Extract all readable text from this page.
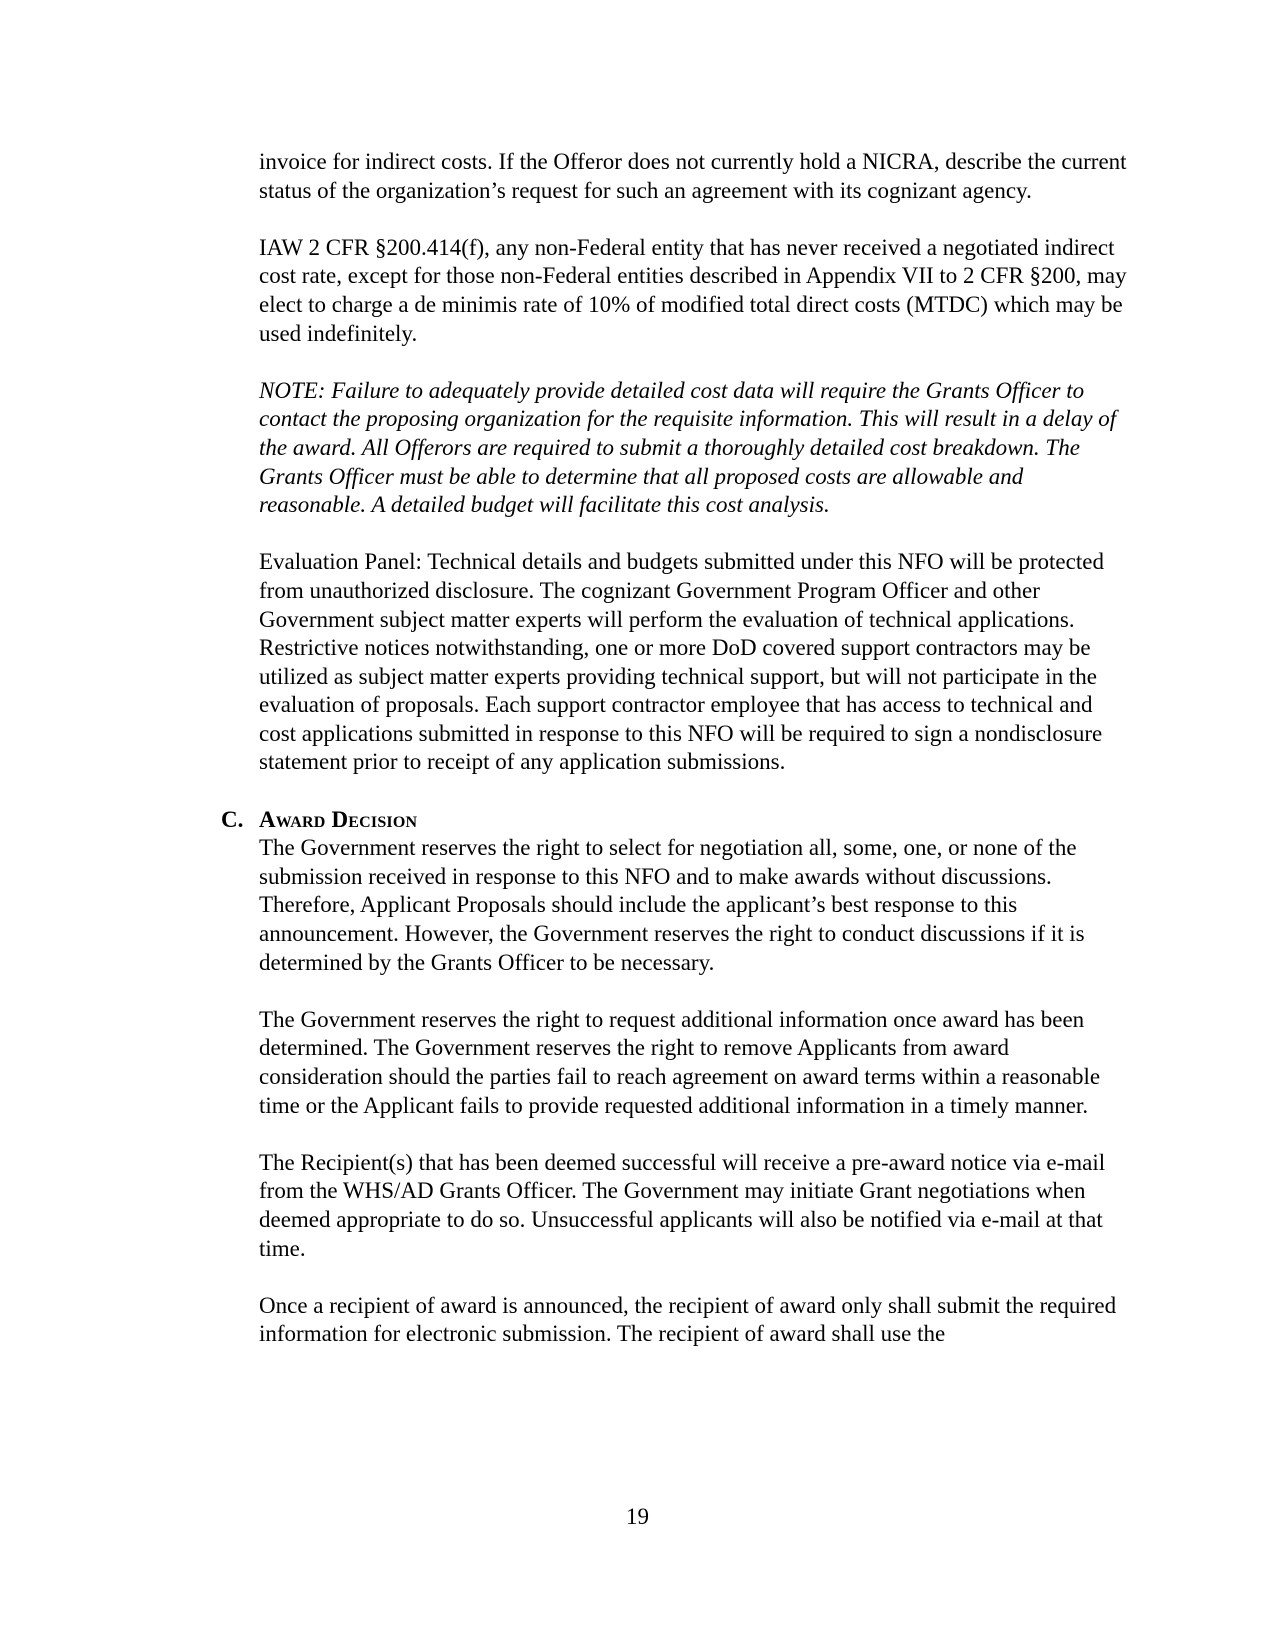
invoice for indirect costs. If the Offeror does not currently hold a NICRA, describe the current status of the organization’s request for such an agreement with its cognizant agency.

IAW 2 CFR §200.414(f), any non-Federal entity that has never received a negotiated indirect cost rate, except for those non-Federal entities described in Appendix VII to 2 CFR §200, may elect to charge a de minimis rate of 10% of modified total direct costs (MTDC) which may be used indefinitely.

NOTE: Failure to adequately provide detailed cost data will require the Grants Officer to contact the proposing organization for the requisite information. This will result in a delay of the award. All Offerors are required to submit a thoroughly detailed cost breakdown. The Grants Officer must be able to determine that all proposed costs are allowable and reasonable. A detailed budget will facilitate this cost analysis.

Evaluation Panel: Technical details and budgets submitted under this NFO will be protected from unauthorized disclosure. The cognizant Government Program Officer and other Government subject matter experts will perform the evaluation of technical applications. Restrictive notices notwithstanding, one or more DoD covered support contractors may be utilized as subject matter experts providing technical support, but will not participate in the evaluation of proposals. Each support contractor employee that has access to technical and cost applications submitted in response to this NFO will be required to sign a nondisclosure statement prior to receipt of any application submissions.

C. Award Decision

The Government reserves the right to select for negotiation all, some, one, or none of the submission received in response to this NFO and to make awards without discussions. Therefore, Applicant Proposals should include the applicant’s best response to this announcement. However, the Government reserves the right to conduct discussions if it is determined by the Grants Officer to be necessary.

The Government reserves the right to request additional information once award has been determined. The Government reserves the right to remove Applicants from award consideration should the parties fail to reach agreement on award terms within a reasonable time or the Applicant fails to provide requested additional information in a timely manner.

The Recipient(s) that has been deemed successful will receive a pre-award notice via e-mail from the WHS/AD Grants Officer. The Government may initiate Grant negotiations when deemed appropriate to do so. Unsuccessful applicants will also be notified via e-mail at that time.

Once a recipient of award is announced, the recipient of award only shall submit the required information for electronic submission. The recipient of award shall use the

19
